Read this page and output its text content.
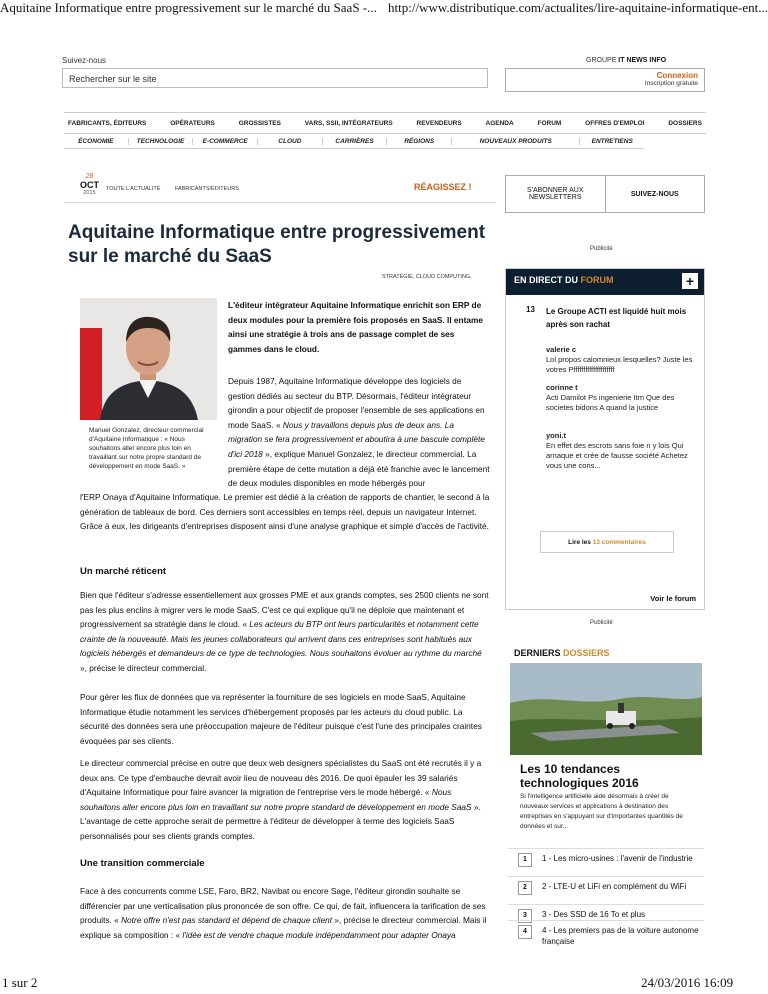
Aquitaine Informatique entre progressivement sur le marché du SaaS -... http://www.distributique.com/actualites/lire-aquitaine-informatique-ent...
1 sur 2	24/03/2016 16:09
Suivez-nous	GROUPE IT NEWS INFO
Rechercher sur le site	Connexion
Inscription gratuite
FABRICANTS, ÉDITEURS	OPÉRATEURS	GROSSISTES	VARS, SSII, INTÉGRATEURS	REVENDEURS	AGENDA	FORUM	OFFRES D'EMPLOI	DOSSIERS
ÉCONOMIE	TECHNOLOGIE	E-COMMERCE	CLOUD	CARRIÈRES	RÉGIONS	NOUVEAUX PRODUITS	ENTRETIENS
28
OCT
2015
TOUTE L'ACTUALITÉ	FABRICANTS/EDITEURS	RÉAGISSEZ !
Aquitaine Informatique entre progressivement sur le marché du SaaS
STRATÉGIE, CLOUD COMPUTING,
Manuel Gonzalez, directeur commercial d'Aquitaine Informatique : « Nous souhaitons aller encore plus loin en travaillant sur notre propre standard de développement en mode SaaS. »
L'éditeur intégrateur Aquitaine Informatique enrichit son ERP de deux modules pour la première fois proposés en SaaS. Il entame ainsi une stratégie à trois ans de passage complet de ses gammes dans le cloud.
Depuis 1987, Aquitaine Informatique développe des logiciels de gestion dédiés au secteur du BTP. Désormais, l'éditeur intégrateur girondin a pour objectif de proposer l'ensemble de ses applications en mode SaaS. « Nous y travaillons depuis plus de deux ans. La migration se fera progressivement et aboutira à une bascule complète d'ici 2018 », explique Manuel Gonzalez, le directeur commercial. La première étape de cette mutation a déjà été franchie avec le lancement de deux modules disponibles en mode hébergés pour
l'ERP Onaya d'Aquitaine Informatique. Le premier est dédié à la création de rapports de chantier, le second à la génération de tableaux de bord. Ces derniers sont accessibles en temps réel, depuis un navigateur Internet. Grâce à eux, les dirigeants d'entreprises disposent ainsi d'une analyse graphique et simple d'accès de l'activité.
Un marché réticent
Bien que l'éditeur s'adresse essentiellement aux grosses PME et aux grands comptes, ses 2500 clients ne sont pas les plus enclins à migrer vers le mode SaaS. C'est ce qui explique qu'il ne déploie que maintenant et progressivement sa stratégie dans le cloud. « Les acteurs du BTP ont leurs particularités et notamment cette crainte de la nouveauté. Mais les jeunes collaborateurs qui arrivent dans ces entreprises sont habitués aux logiciels hébergés et demandeurs de ce type de technologies. Nous souhaitons évoluer au rythme du marché », précise le directeur commercial.
Pour gérer les flux de données que va représenter la fourniture de ses logiciels en mode SaaS, Aquitaine Informatique étudie notamment les services d'hébergement proposés par les acteurs du cloud public. La sécurité des données sera une préoccupation majeure de l'éditeur puisque c'est l'une des principales craintes évoquées par ses clients.
Le directeur commercial précise en outre que deux web designers spécialistes du SaaS ont été recrutés il y a deux ans. Ce type d'embauche devrait avoir lieu de nouveau dès 2016. De quoi épauler les 39 salariés d'Aquitaine Informatique pour faire avancer la migration de l'entreprise vers le mode hébergé. « Nous souhaitons aller encore plus loin en travaillant sur notre propre standard de développement en mode SaaS ». L'avantage de cette approche serait de permettre à l'éditeur de développer à terme des logiciels SaaS personnalisés pour ses clients grands comptes.
Une transition commerciale
Face à des concurrents comme LSE, Faro, BR2, Navibat ou encore Sage, l'éditeur girondin souhaite se différencier par une verticalisation plus prononcée de son offre. Ce qui, de fait, influencera la tarification de ses produits. « Notre offre n'est pas standard et dépend de chaque client », précise le directeur commercial. Mais il explique sa composition : « l'idée est de vendre chaque module indépendamment pour adapter Onaya
S'ABONNER AUX NEWSLETTERS	SUIVEZ-NOUS
Publicité
EN DIRECT DU FORUM	+
13 Le Groupe ACTI est liquidé huit mois après son rachat
valerie c
Lol propos calomnieux lesquelles? Juste les votres Pfffffffffffffffffffff
corinne t
Acti Damilot Ps ingenierie Itm Que des societes bidons A quand la justice
yoni.t
En effet des escrots sans foie n y lois Qui arnaque et crée de fausse société Achetez vous une cons...
Lire les 13 commentaires
Voir le forum
Publicité
DERNIERS DOSSIERS
Les 10 tendances technologiques 2016
Si l'intelligence artificielle aide désormais à créer de nouveaux services et applications à destination des entreprises en s'appuyant sur d'importantes quantités de données et sur...
1	1 - Les micro-usines : l'avenir de l'industrie
2	2 - LTE-U et LiFi en complément du WiFi
3	3 - Des SSD de 16 To et plus
4	4 - Les premiers pas de la voiture autonome française
